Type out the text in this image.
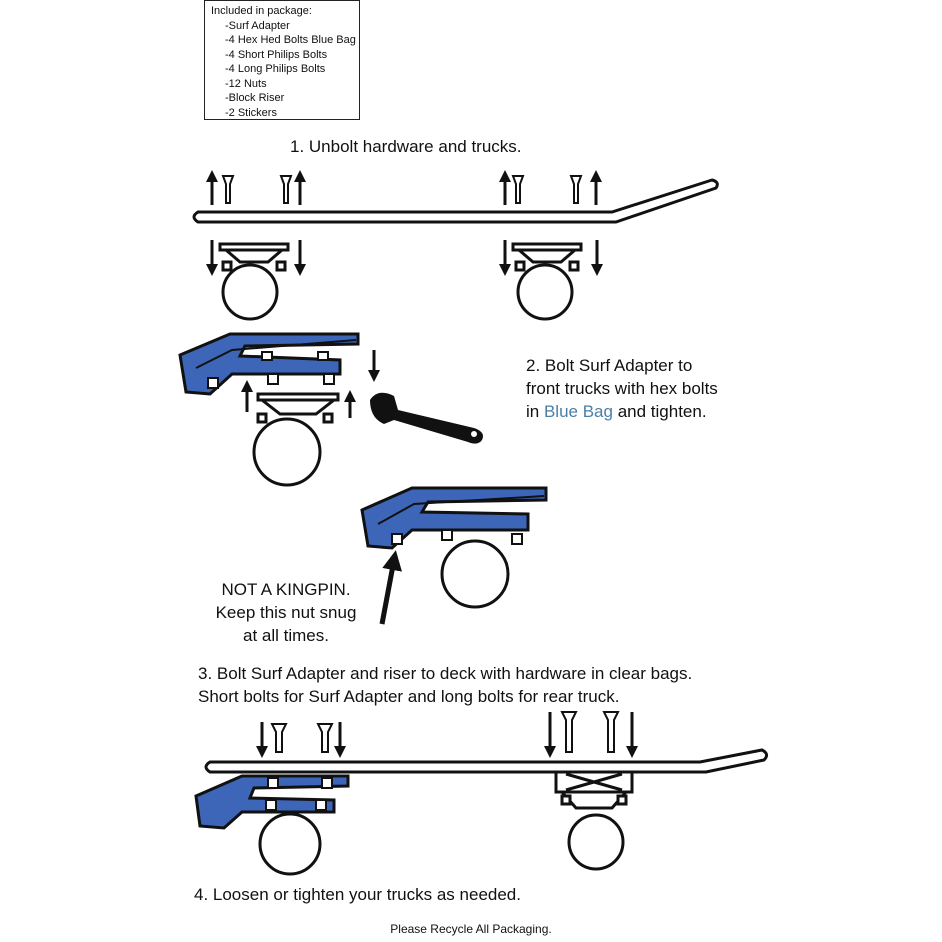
Included in package:
-Surf Adapter
-4 Hex Hed Bolts Blue Bag
-4 Short Philips Bolts
-4 Long Philips Bolts
-12 Nuts
-Block Riser
-2 Stickers
1. Unbolt hardware and trucks.
2. Bolt Surf Adapter to
front trucks with hex bolts
in Blue Bag and tighten.
NOT A KINGPIN.
Keep this nut snug
at all times.
3. Bolt Surf Adapter and riser to deck with hardware in clear bags.
Short bolts for Surf Adapter and long bolts for rear truck.
4. Loosen or tighten your trucks as needed.
Please Recycle All Packaging.
